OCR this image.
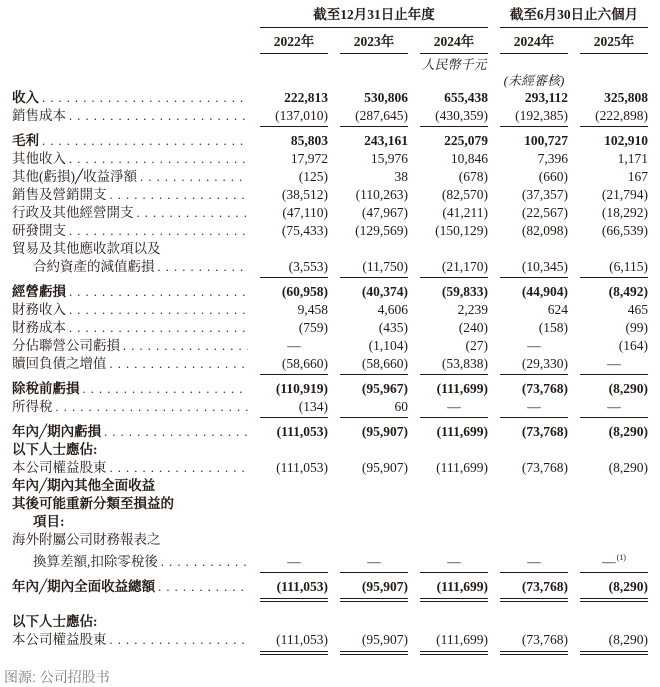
截至12月31日止年度	截至6月30日止六個月
2022年	2023年	2024年	2024年	2025年
人民幣千元
(未經審核)
收入 . . .	222,813	530,806	655,438	293,112	325,808
銷售成本 . . .	(137,010)	(287,645)	(430,359)	(192,385)	(222,898)
毛利 . . .	85,803	243,161	225,079	100,727	102,910
其他收入 . . .	17,972	15,976	10,846	7,396	1,171
其他(虧損)╱收益淨額 . . .	(125)	38	(678)	(660)	167
銷售及營銷開支 . . .	(38,512)	(110,263)	(82,570)	(37,357)	(21,794)
行政及其他經營開支 . . .	(47,110)	(47,967)	(41,211)	(22,567)	(18,292)
研發開支 . . .	(75,433)	(129,569)	(150,129)	(82,098)	(66,539)
貿易及其他應收款項以及
合約資產的減值虧損 . . .	(3,553)	(11,750)	(21,170)	(10,345)	(6,115)
經營虧損 . . .	(60,958)	(40,374)	(59,833)	(44,904)	(8,492)
財務收入 . . .	9,458	4,606	2,239	624	465
財務成本 . . .	(759)	(435)	(240)	(158)	(99)
分佔聯營公司虧損 . . .	—	(1,104)	(27)	—	(164)
贖回負債之增值 . . .	(58,660)	(58,660)	(53,838)	(29,330)	—
除稅前虧損 . . .	(110,919)	(95,967)	(111,699)	(73,768)	(8,290)
所得稅 . . .	(134)	60	—	—	—
年內╱期內虧損 . . .	(111,053)	(95,907)	(111,699)	(73,768)	(8,290)
以下人士應佔:
本公司權益股東 . . .	(111,053)	(95,907)	(111,699)	(73,768)	(8,290)
年內╱期內其他全面收益
其後可能重新分類至損益的
項目:
海外附屬公司財務報表之
換算差額,扣除零稅後 . . .	—	—	—	—	—$^{(1)}$
年內╱期內全面收益總額 . . .	(111,053)	(95,907)	(111,699)	(73,768)	(8,290)
以下人士應佔:
本公司權益股東 . . .	(111,053)	(95,907)	(111,699)	(73,768)	(8,290)
图源: 公司招股书
